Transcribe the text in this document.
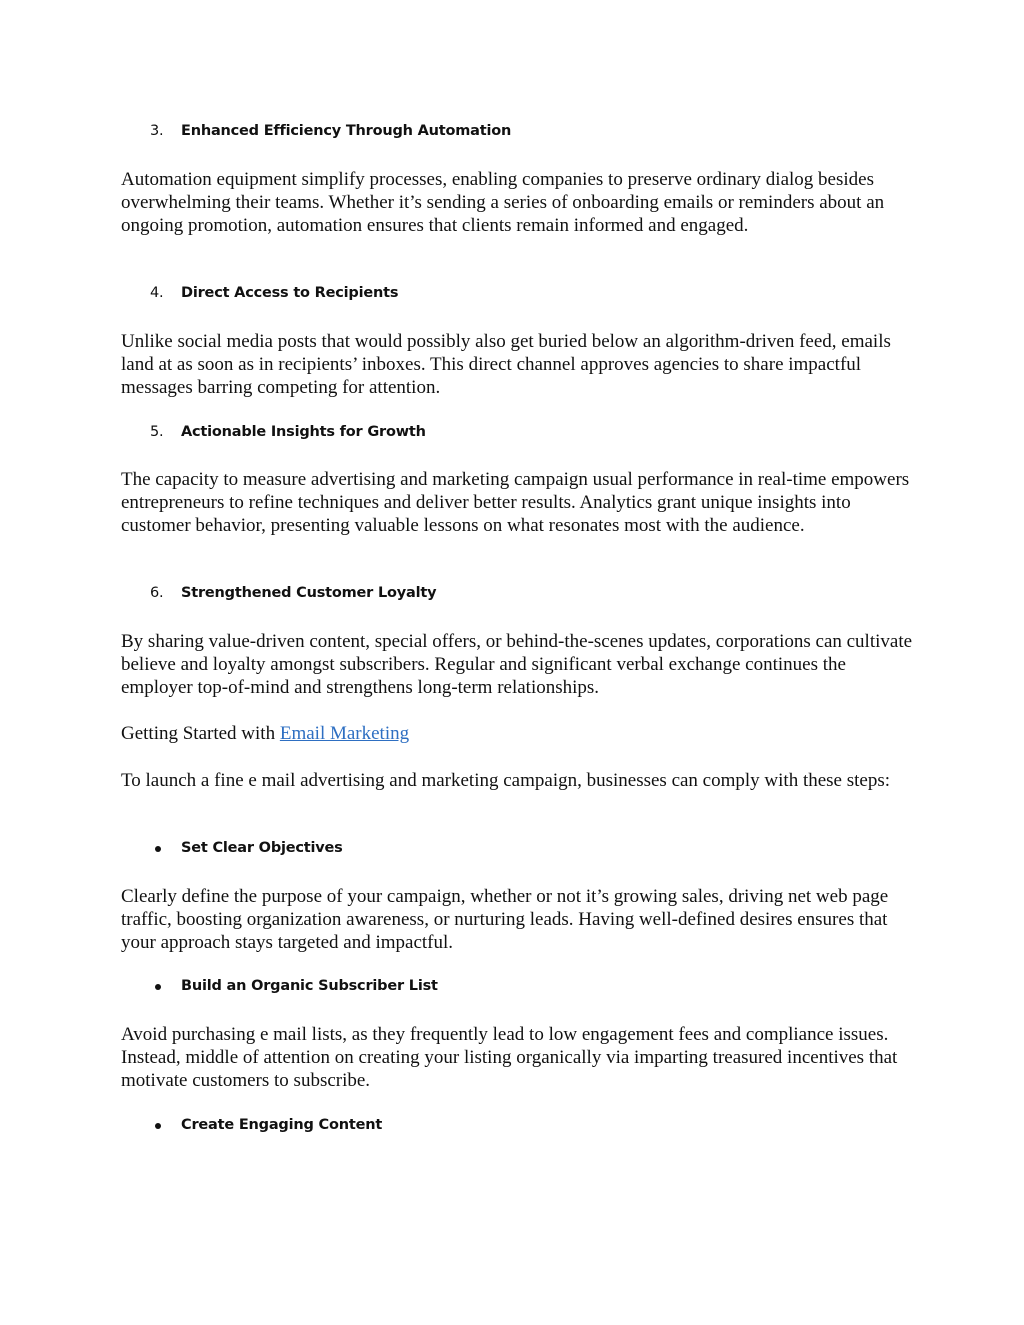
3. Enhanced Efficiency Through Automation

Automation equipment simplify processes, enabling companies to preserve ordinary dialog besides overwhelming their teams. Whether it’s sending a series of onboarding emails or reminders about an ongoing promotion, automation ensures that clients remain informed and engaged.

4. Direct Access to Recipients

Unlike social media posts that would possibly also get buried below an algorithm-driven feed, emails land at as soon as in recipients’ inboxes. This direct channel approves agencies to share impactful messages barring competing for attention.

5. Actionable Insights for Growth

The capacity to measure advertising and marketing campaign usual performance in real-time empowers entrepreneurs to refine techniques and deliver better results. Analytics grant unique insights into customer behavior, presenting valuable lessons on what resonates most with the audience.

6. Strengthened Customer Loyalty

By sharing value-driven content, special offers, or behind-the-scenes updates, corporations can cultivate believe and loyalty amongst subscribers. Regular and significant verbal exchange continues the employer top-of-mind and strengthens long-term relationships.

Getting Started with Email Marketing

To launch a fine e mail advertising and marketing campaign, businesses can comply with these steps:

Set Clear Objectives

Clearly define the purpose of your campaign, whether or not it’s growing sales, driving net web page traffic, boosting organization awareness, or nurturing leads. Having well-defined desires ensures that your approach stays targeted and impactful.

Build an Organic Subscriber List

Avoid purchasing e mail lists, as they frequently lead to low engagement fees and compliance issues. Instead, middle of attention on creating your listing organically via imparting treasured incentives that motivate customers to subscribe.

Create Engaging Content
